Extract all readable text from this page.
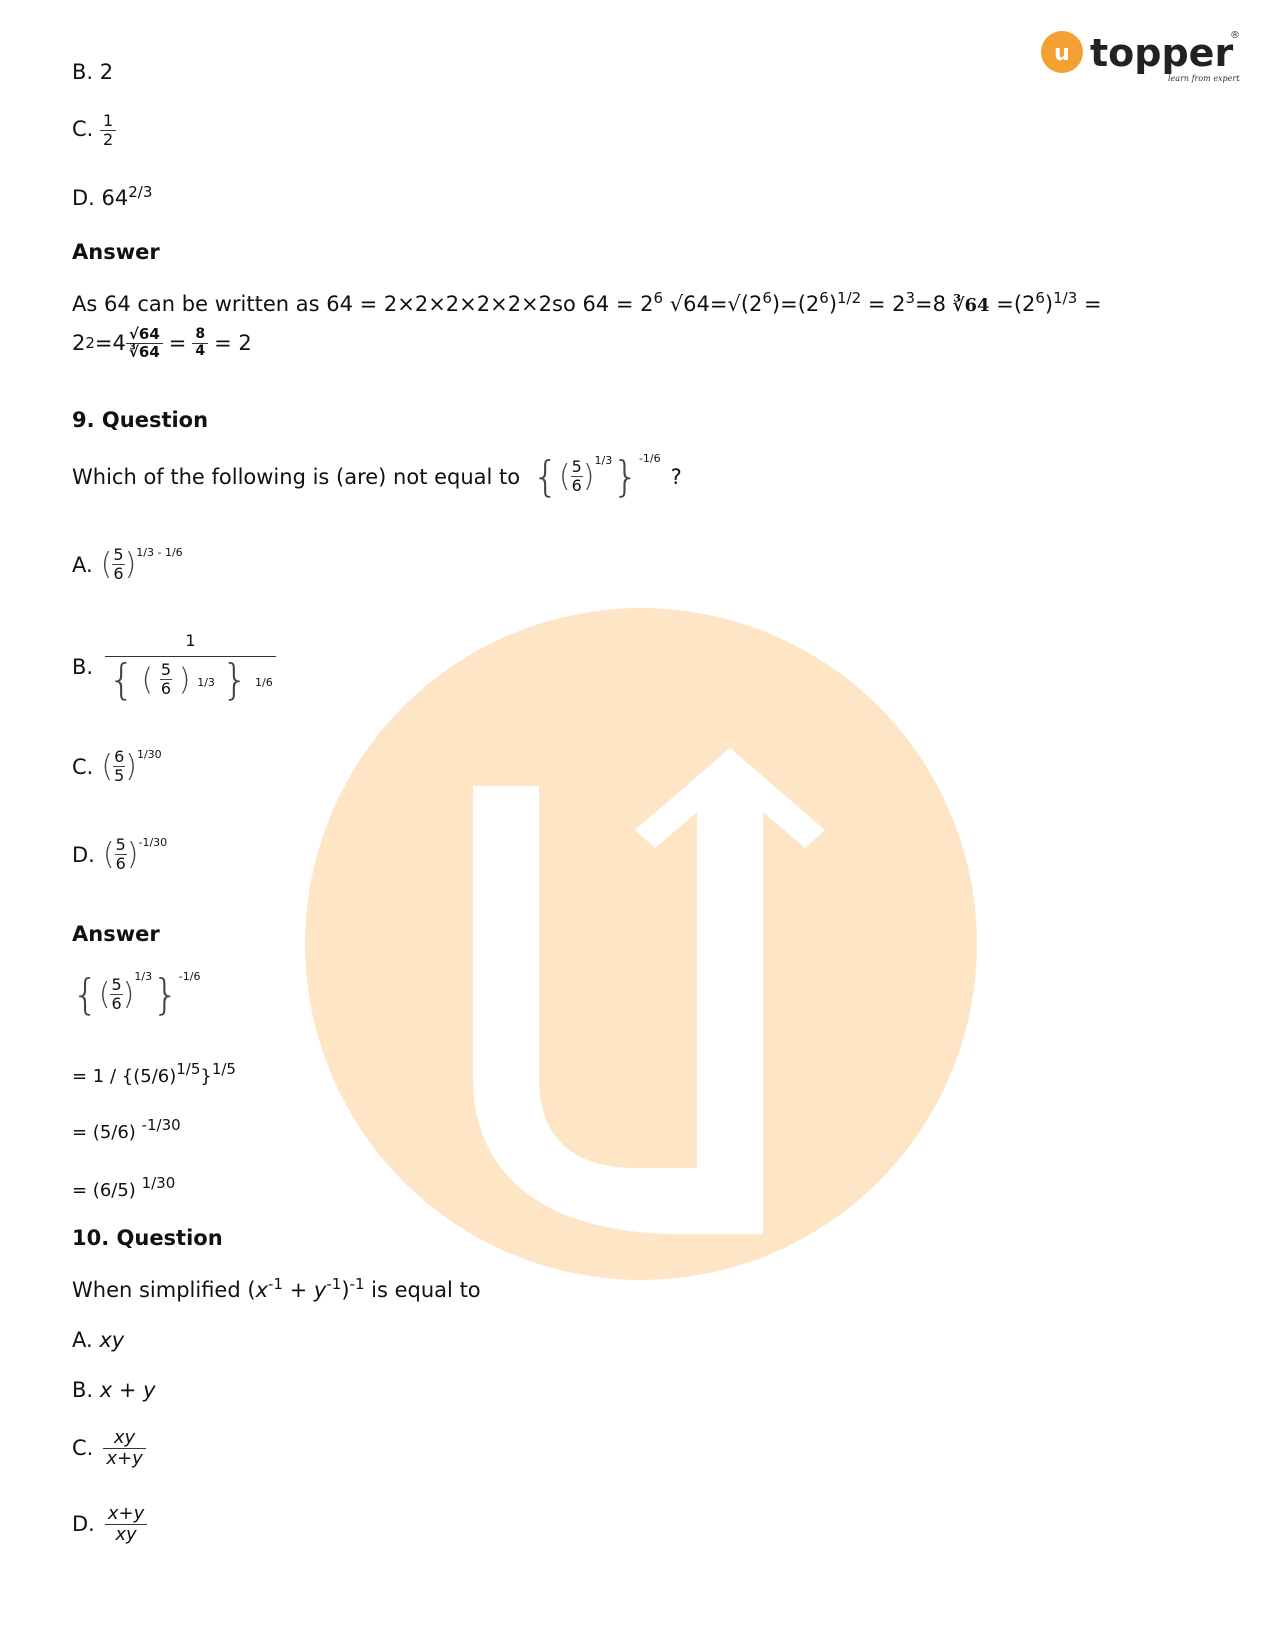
u topper
learn from experts
®
B. 2
C. $\frac{1}{2}$
D. $64^{2/3}$
Answer
As 64 can be written as 64 = 2×2×2×2×2×2so $64 = 2^6$ $√64=√(2^6)=(2^6)^{1/2} = 2^3=8$ ∛64 $=(2^6)^{1/3}$ =
2 $2 =4 \frac{√64}{∛64} = \frac{8}{4} = 2$
9. Question
Which of the following is (are) not equal to { ( $\frac{5}{6}$ ) 1/3 } -1/6
?
A. ( $\frac{5}{6}$ ) 1/3 - 1/6
B.
1
{ ( $\frac{5}{6}$ ) 1/3 } 1/6
C. ( $\frac{6}{5}$ ) 1/30
D. ( $\frac{5}{6}$ ) -1/30
Answer
{ ( $\frac{5}{6}$ )
1/3 } -1/6
= $1 / \{(5/6)^{1/5}\}^{1/5}$
= (5/6) $^{-1/30}$
= (6/5) $^{1/30}$
10. Question
When simplified $(x^{-1} + y^{-1})^{-1}$ is equal to
A. xy
B. x + y
C. $\frac{xy}{x+y}$
D. $\frac{x+y}{xy}$
